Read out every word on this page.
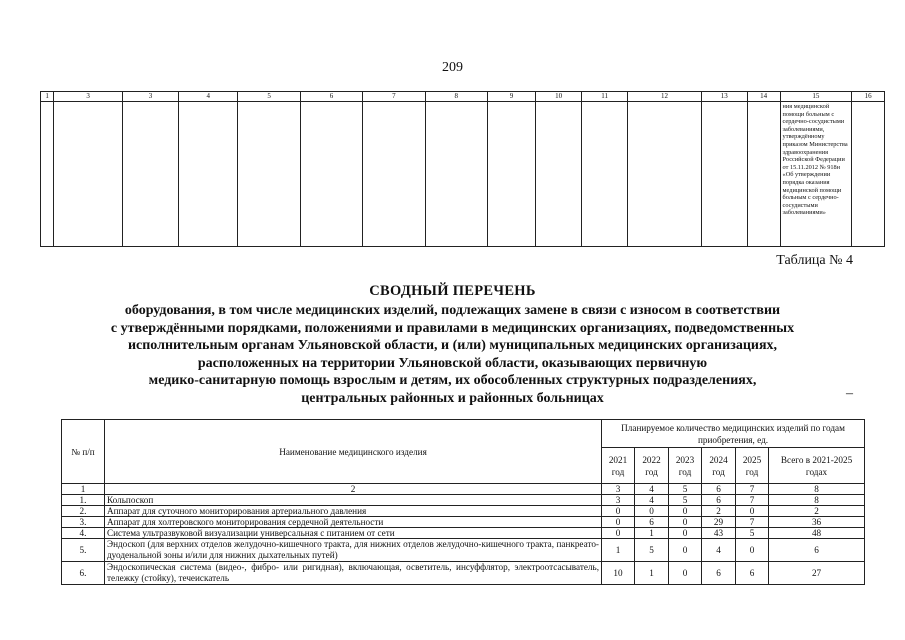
209
1	3	3	4	5	6	7	8	9	10	11	12	13	14	15	16
														ния медицинской помощи больным с сердечно-сосудистыми заболеваниями, утверждённому приказом Министерства здравоохранения Российской Федерации от 15.11.2012 № 918н «Об утверждении порядка оказания медицинской помощи больным с сердечно-сосудистыми заболеваниями»	
Таблица № 4
СВОДНЫЙ ПЕРЕЧЕНЬ
оборудования, в том числе медицинских изделий, подлежащих замене в связи с износом в соответствии
с утверждёнными порядками, положениями и правилами в медицинских организациях, подведомственных
исполнительным органам Ульяновской области, и (или) муниципальных медицинских организациях,
расположенных на территории Ульяновской области, оказывающих первичную
медико-санитарную помощь взрослым и детям, их обособленных структурных подразделениях,
центральных районных и районных больницах	–
№ п/п	Наименование медицинского изделия	Планируемое количество медицинских изделий по годам приобретения, ед.					
		2021 год	2022 год	2023 год	2024 год	2025 год	Всего в 2021-2025 годах
1	2	3	4	5	6	7	8
1.	Кольпоскоп	3	4	5	6	7	8
2.	Аппарат для суточного мониторирования артериального давления	0	0	0	2	0	2
3.	Аппарат для холтеровского мониторирования сердечной деятельности	0	6	0	29	7	36
4.	Система ультразвуковой визуализации универсальная с питанием от сети	0	1	0	43	5	48
5.	Эндоскоп (для верхних отделов желудочно-кишечного тракта, для нижних отделов желудочно-кишечного тракта, панкреато-дуоденальной зоны и/или для нижних дыхательных путей)	1	5	0	4	0	6
6.	Эндоскопическая система (видео-, фибро- или ригидная), включающая, осветитель, инсуффлятор, электроотсасыватель, тележку (стойку), течеискатель	10	1	0	6	6	27
